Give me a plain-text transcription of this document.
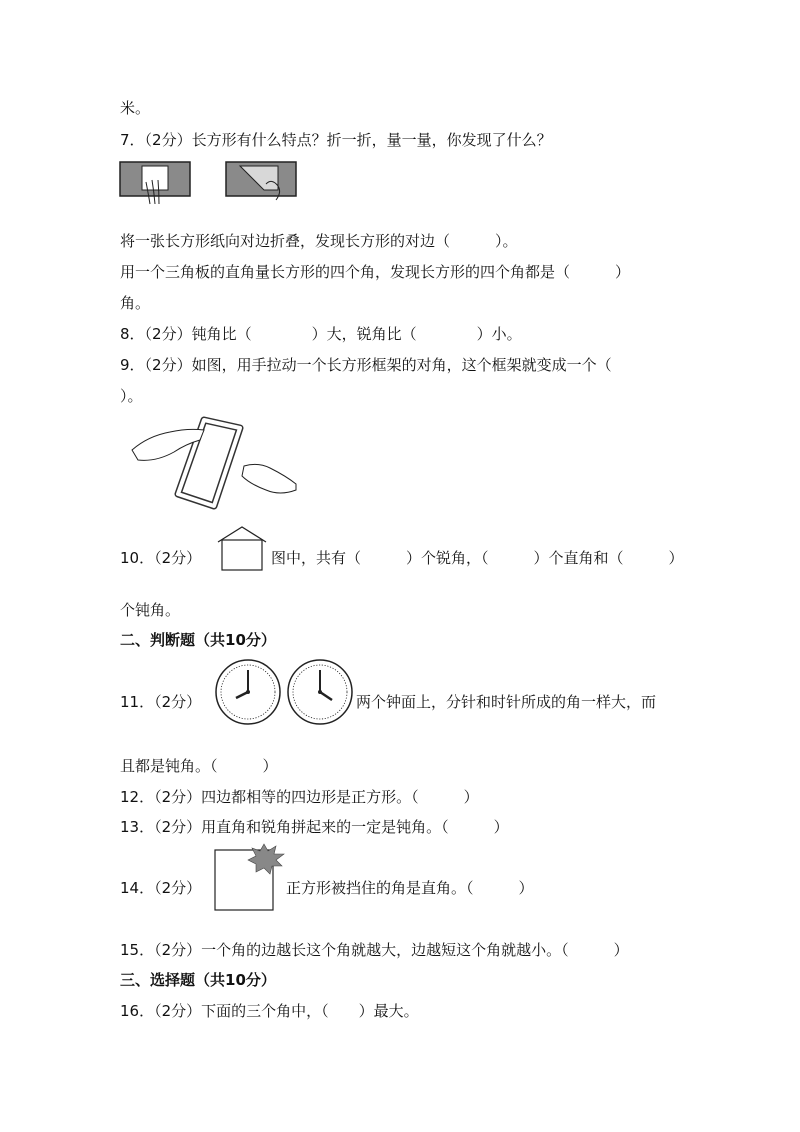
米。
7．（2分）长方形有什么特点？折一折，量一量，你发现了什么？
将一张长方形纸向对边折叠，发现长方形的对边（　　　）。
用一个三角板的直角量长方形的四个角，发现长方形的四个角都是（　　　）
角。
8．（2分）钝角比（　　　　）大，锐角比（　　　　）小。
9．（2分）如图，用手拉动一个长方形框架的对角，这个框架就变成一个（
）。
10．（2分）	图中，共有（　　　）个锐角，（　　　）个直角和（　　　）
个钝角。
二、判断题（共10分）
11．（2分）	两个钟面上，分针和时针所成的角一样大，而
且都是钝角。（　　　）
12．（2分）四边都相等的四边形是正方形。（　　　）
13．（2分）用直角和锐角拼起来的一定是钝角。（　　　）
14．（2分）	正方形被挡住的角是直角。（　　　）
15．（2分）一个角的边越长这个角就越大，边越短这个角就越小。（　　　）
三、选择题（共10分）
16．（2分）下面的三个角中，（　　）最大。
